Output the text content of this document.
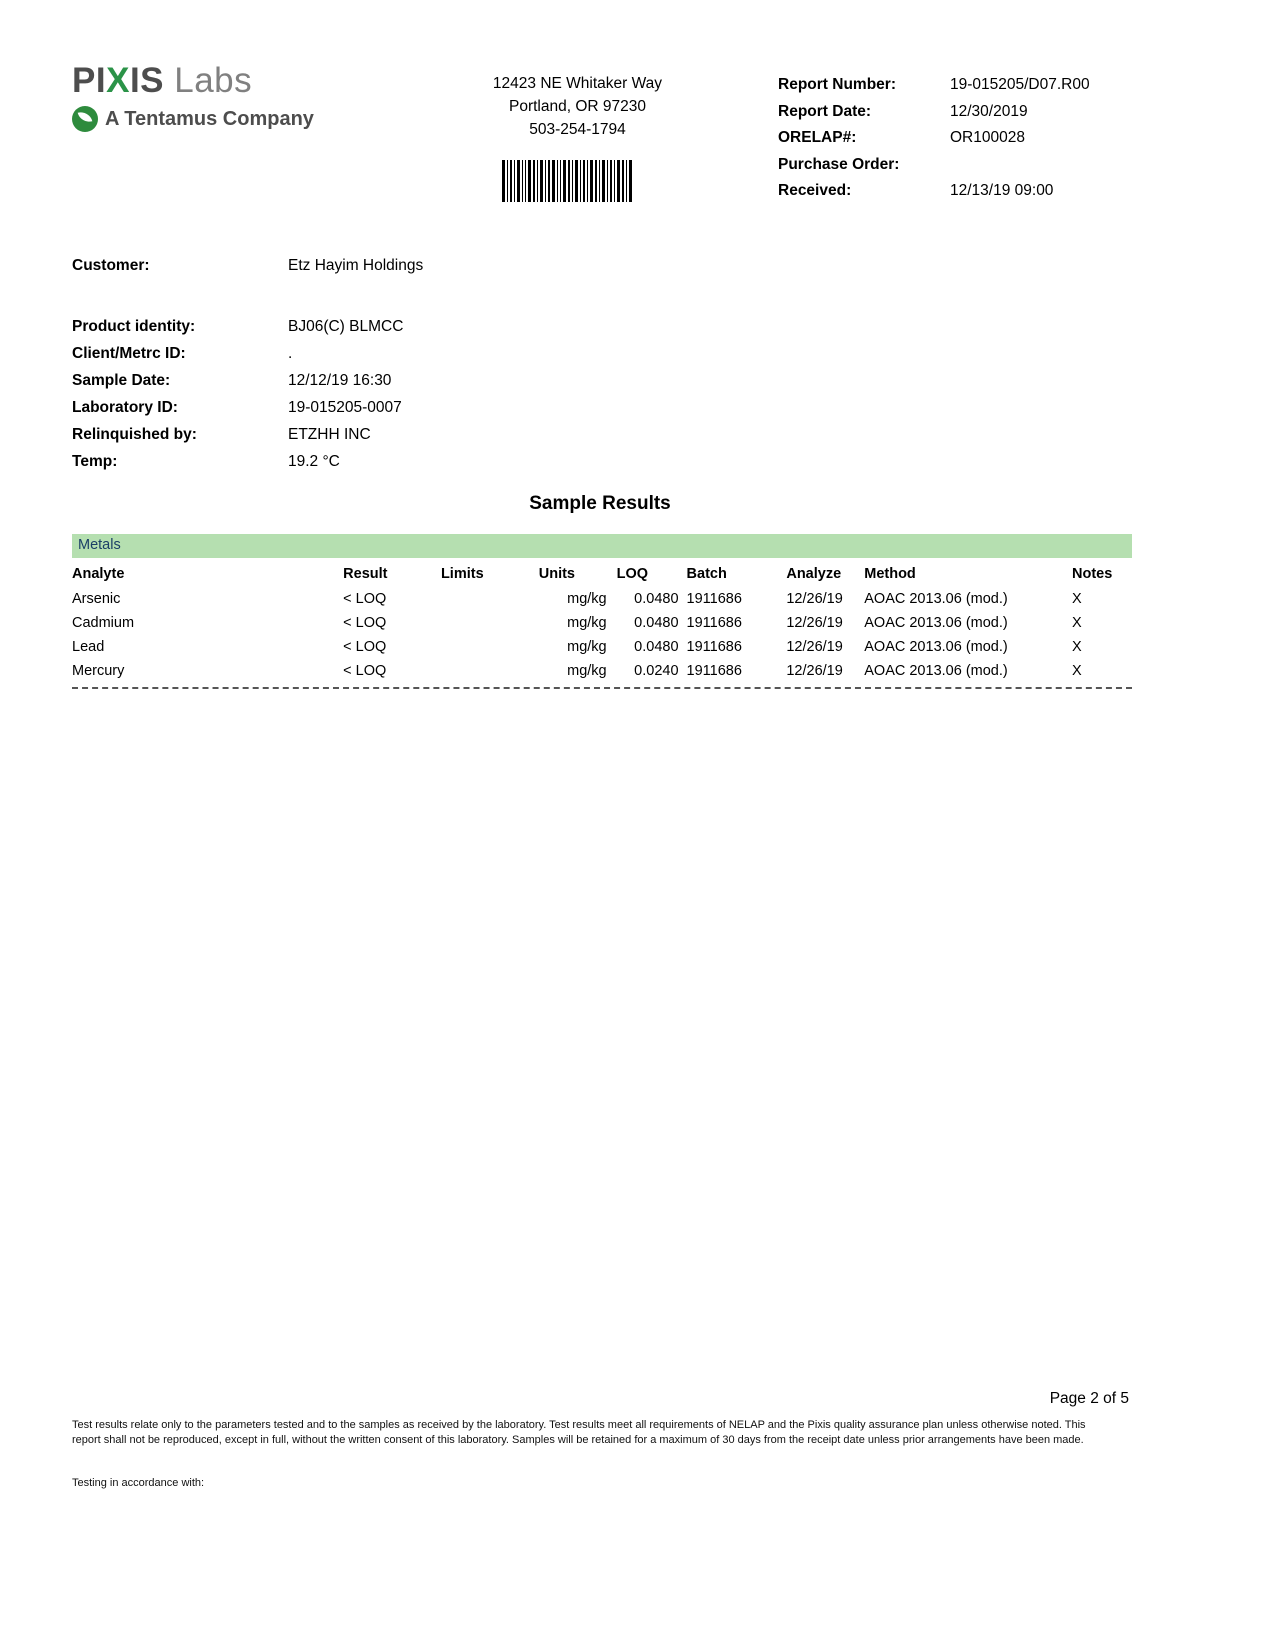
PIXIS Labs
A Tentamus Company
12423 NE Whitaker Way
Portland, OR 97230
503-254-1794
Report Number:	19-015205/D07.R00
Report Date:	12/30/2019
ORELAP#:	OR100028
Purchase Order:
Received:	12/13/19 09:00
Customer:	Etz Hayim Holdings
Product identity:	BJ06(C) BLMCC
Client/Metrc ID:	.
Sample Date:	12/12/19 16:30
Laboratory ID:	19-015205-0007
Relinquished by:	ETZHH INC
Temp:	19.2 °C
Sample Results
Metals
Analyte	Result	Limits	Units	LOQ	Batch	Analyze	Method	Notes
Arsenic	< LOQ		mg/kg	0.0480	1911686	12/26/19	AOAC 2013.06 (mod.)	X
Cadmium	< LOQ		mg/kg	0.0480	1911686	12/26/19	AOAC 2013.06 (mod.)	X
Lead	< LOQ		mg/kg	0.0480	1911686	12/26/19	AOAC 2013.06 (mod.)	X
Mercury	< LOQ		mg/kg	0.0240	1911686	12/26/19	AOAC 2013.06 (mod.)	X
Page 2 of 5
Test results relate only to the parameters tested and to the samples as received by the laboratory. Test results meet all requirements of NELAP and the Pixis quality assurance plan unless otherwise noted. This report shall not be reproduced, except in full, without the written consent of this laboratory. Samples will be retained for a maximum of 30 days from the receipt date unless prior arrangements have been made.
Testing in accordance with:
